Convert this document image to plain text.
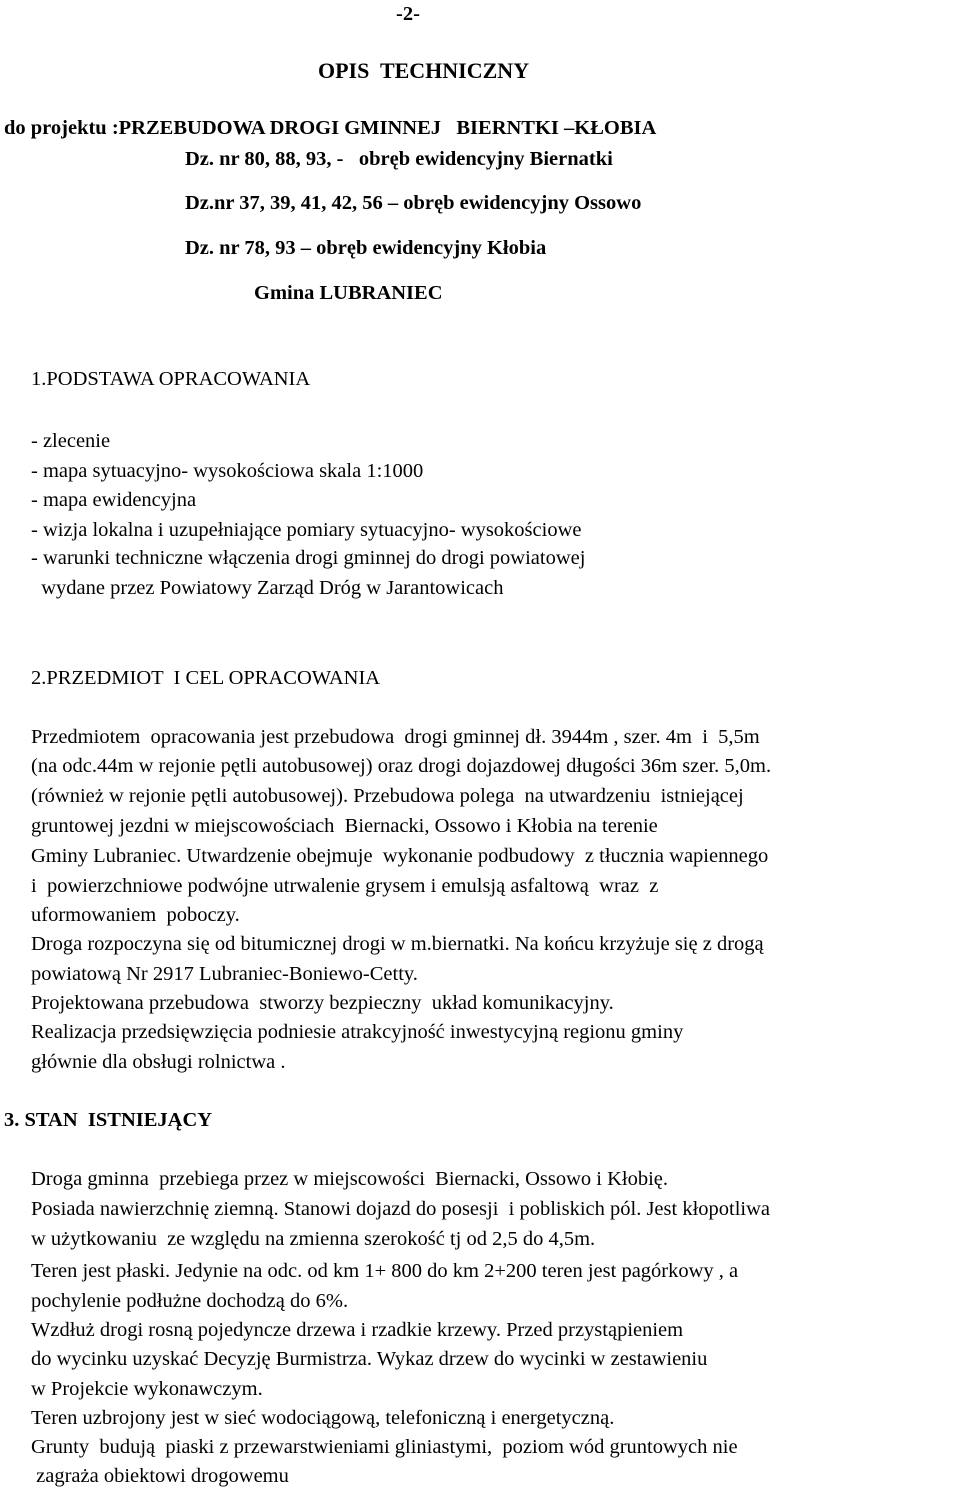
-2-
OPIS  TECHNICZNY
do projektu :PRZEBUDOWA DROGI GMINNEJ   BIERNTKI –KŁOBIA
Dz. nr 80, 88, 93, -   obręb ewidencyjny Biernatki
Dz.nr 37, 39, 41, 42, 56 – obręb ewidencyjny Ossowo
Dz. nr 78, 93 – obręb ewidencyjny Kłobia
Gmina LUBRANIEC
1.PODSTAWA OPRACOWANIA
- zlecenie
- mapa sytuacyjno- wysokościowa skala 1:1000
- mapa ewidencyjna
- wizja lokalna i uzupełniające pomiary sytuacyjno- wysokościowe
- warunki techniczne włączenia drogi gminnej do drogi powiatowej
wydane przez Powiatowy Zarząd Dróg w Jarantowicach
2.PRZEDMIOT  I CEL OPRACOWANIA
Przedmiotem  opracowania jest przebudowa  drogi gminnej dł. 3944m , szer. 4m  i  5,5m
(na odc.44m w rejonie pętli autobusowej) oraz drogi dojazdowej długości 36m szer. 5,0m.
(również w rejonie pętli autobusowej). Przebudowa polega  na utwardzeniu  istniejącej
gruntowej jezdni w miejscowościach  Biernacki, Ossowo i Kłobia na terenie
Gminy Lubraniec. Utwardzenie obejmuje  wykonanie podbudowy  z tłucznia wapiennego
i  powierzchniowe podwójne utrwalenie grysem i emulsją asfaltową  wraz  z
uformowaniem  poboczy.
Droga rozpoczyna się od bitumicznej drogi w m.biernatki. Na końcu krzyżuje się z drogą
powiatową Nr 2917 Lubraniec-Boniewo-Cetty.
Projektowana przebudowa  stworzy bezpieczny  układ komunikacyjny.
Realizacja przedsięwzięcia podniesie atrakcyjność inwestycyjną regionu gminy
głównie dla obsługi rolnictwa .
3. STAN  ISTNIEJĄCY
Droga gminna  przebiega przez w miejscowości  Biernacki, Ossowo i Kłobię.
Posiada nawierzchnię ziemną. Stanowi dojazd do posesji  i pobliskich pól. Jest kłopotliwa
w użytkowaniu  ze względu na zmienna szerokość tj od 2,5 do 4,5m.
Teren jest płaski. Jedynie na odc. od km 1+ 800 do km 2+200 teren jest pagórkowy , a
pochylenie podłużne dochodzą do 6%.
Wzdłuż drogi rosną pojedyncze drzewa i rzadkie krzewy. Przed przystąpieniem
do wycinku uzyskać Decyzję Burmistrza. Wykaz drzew do wycinki w zestawieniu
w Projekcie wykonawczym.
Teren uzbrojony jest w sieć wodociągową, telefoniczną i energetyczną.
Grunty  budują  piaski z przewarstwieniami gliniastymi,  poziom wód gruntowych nie
zagraża obiektowi drogowemu
